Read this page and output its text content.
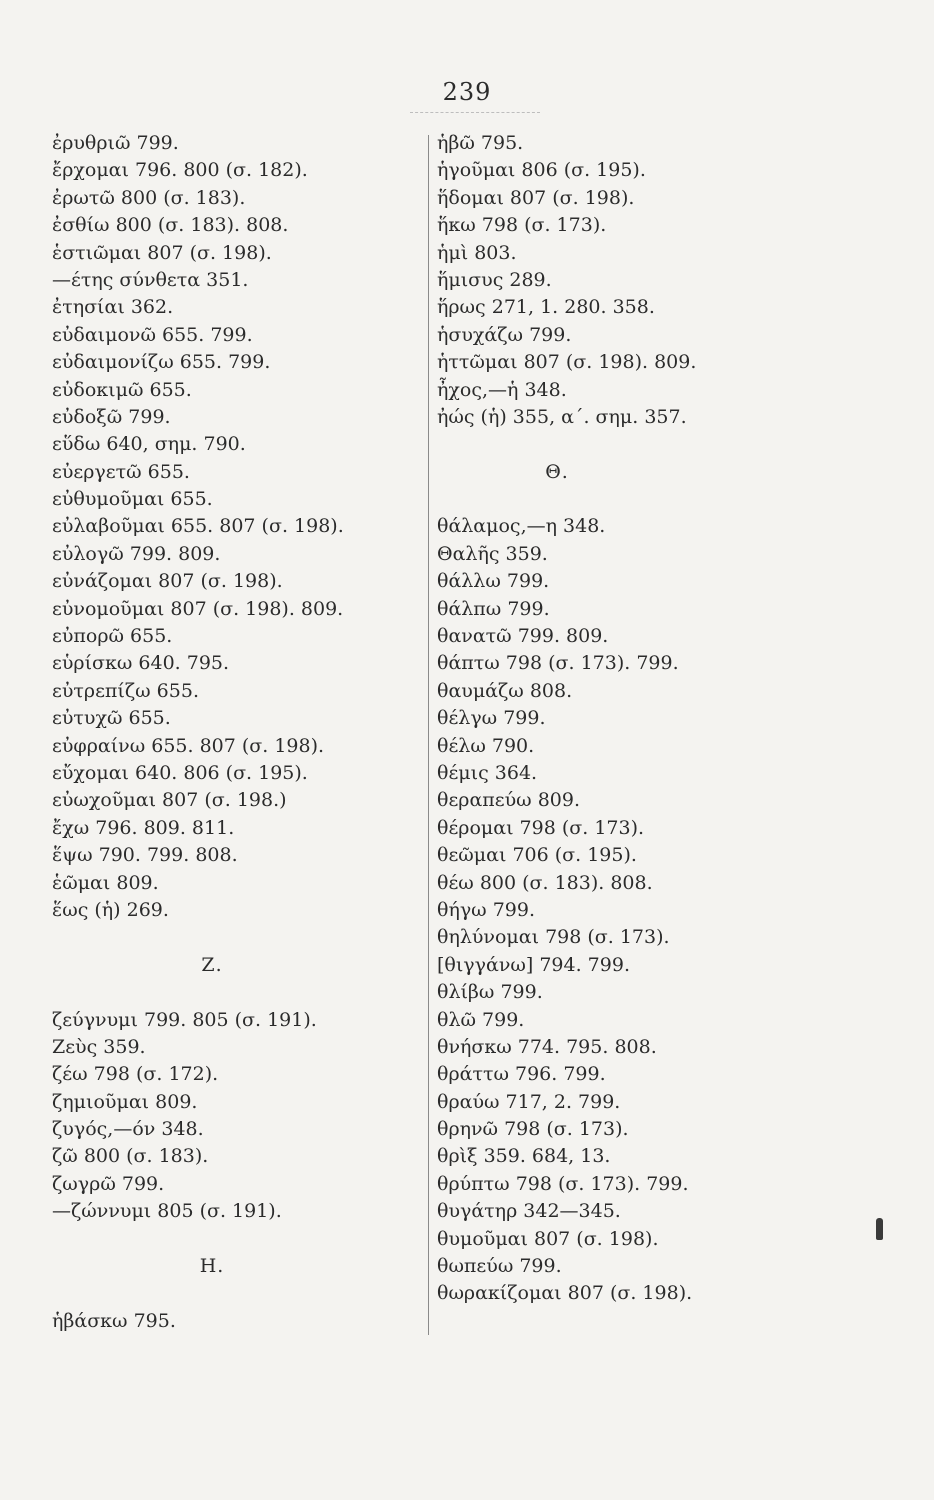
239
ἐρυθριῶ 799.
ἔρχομαι 796. 800 (σ. 182).
ἐρωτῶ 800 (σ. 183).
ἐσθίω 800 (σ. 183). 808.
ἑστιῶμαι 807 (σ. 198).
—έτης σύνθετα 351.
ἐτησίαι 362.
εὐδαιμονῶ 655. 799.
εὐδαιμονίζω 655. 799.
εὐδοκιμῶ 655.
εὐδοξῶ 799.
εὕδω 640, σημ. 790.
εὐεργετῶ 655.
εὐθυμοῦμαι 655.
εὐλαβοῦμαι 655. 807 (σ. 198).
εὐλογῶ 799. 809.
εὐνάζομαι 807 (σ. 198).
εὐνομοῦμαι 807 (σ. 198). 809.
εὐπορῶ 655.
εὑρίσκω 640. 795.
εὐτρεπίζω 655.
εὐτυχῶ 655.
εὐφραίνω 655. 807 (σ. 198).
εὔχομαι 640. 806 (σ. 195).
εὐωχοῦμαι 807 (σ. 198.)
ἔχω 796. 809. 811.
ἕψω 790. 799. 808.
ἑῶμαι 809.
ἕως (ἡ) 269.
Ζ.
ζεύγνυμι 799. 805 (σ. 191).
Ζεὺς 359.
ζέω 798 (σ. 172).
ζημιοῦμαι 809.
ζυγός,—όν 348.
ζῶ 800 (σ. 183).
ζωγρῶ 799.
—ζώννυμι 805 (σ. 191).
Η.
ἡβάσκω 795.
ἡβῶ 795.
ἡγοῦμαι 806 (σ. 195).
ἥδομαι 807 (σ. 198).
ἥκω 798 (σ. 173).
ἡμὶ 803.
ἥμισυς 289.
ἥρως 271, 1. 280. 358.
ἡσυχάζω 799.
ἡττῶμαι 807 (σ. 198). 809.
ἦχος,—ἡ 348.
ἠώς (ἡ) 355, α΄. σημ. 357.
Θ.
θάλαμος,—η 348.
Θαλῆς 359.
θάλλω 799.
θάλπω 799.
θανατῶ 799. 809.
θάπτω 798 (σ. 173). 799.
θαυμάζω 808.
θέλγω 799.
θέλω 790.
θέμις 364.
θεραπεύω 809.
θέρομαι 798 (σ. 173).
θεῶμαι 706 (σ. 195).
θέω 800 (σ. 183). 808.
θήγω 799.
θηλύνομαι 798 (σ. 173).
[θιγγάνω] 794. 799.
θλίβω 799.
θλῶ 799.
θνήσκω 774. 795. 808.
θράττω 796. 799.
θραύω 717, 2. 799.
θρηνῶ 798 (σ. 173).
θρὶξ 359. 684, 13.
θρύπτω 798 (σ. 173). 799.
θυγάτηρ 342—345.
θυμοῦμαι 807 (σ. 198).
θωπεύω 799.
θωρακίζομαι 807 (σ. 198).
